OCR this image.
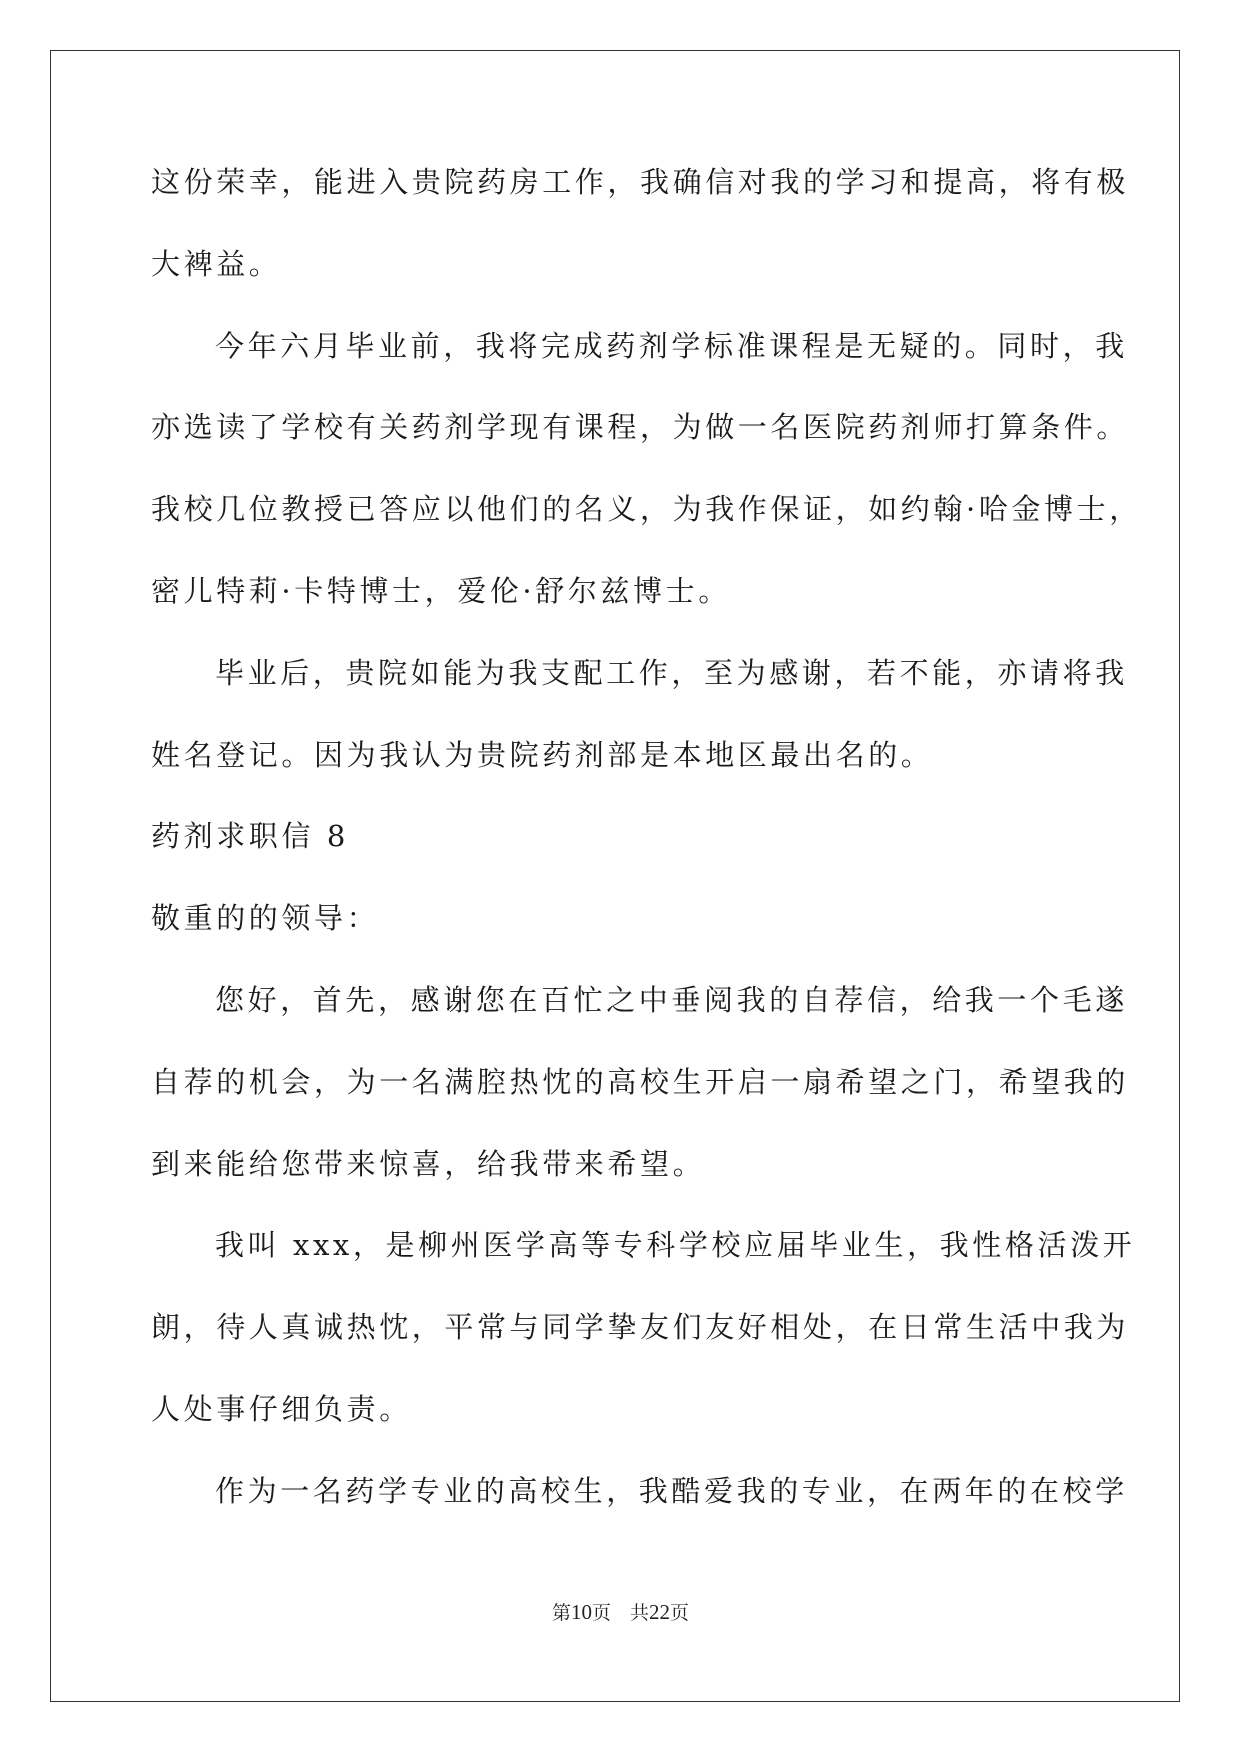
这份荣幸，能进入贵院药房工作，我确信对我的学习和提高，将有极
大裨益。
今年六月毕业前，我将完成药剂学标准课程是无疑的。同时，我
亦选读了学校有关药剂学现有课程，为做一名医院药剂师打算条件。
我校几位教授已答应以他们的名义，为我作保证，如约翰·哈金博士，
密儿特莉·卡特博士，爱伦·舒尔兹博士。
毕业后，贵院如能为我支配工作，至为感谢，若不能，亦请将我
姓名登记。因为我认为贵院药剂部是本地区最出名的。
药剂求职信 8
敬重的的领导：
您好，首先，感谢您在百忙之中垂阅我的自荐信，给我一个毛遂
自荐的机会，为一名满腔热忱的高校生开启一扇希望之门，希望我的
到来能给您带来惊喜，给我带来希望。
我叫 xxx，是柳州医学高等专科学校应届毕业生，我性格活泼开
朗，待人真诚热忱，平常与同学挚友们友好相处，在日常生活中我为
人处事仔细负责。
作为一名药学专业的高校生，我酷爱我的专业，在两年的在校学
第10页　共22页
